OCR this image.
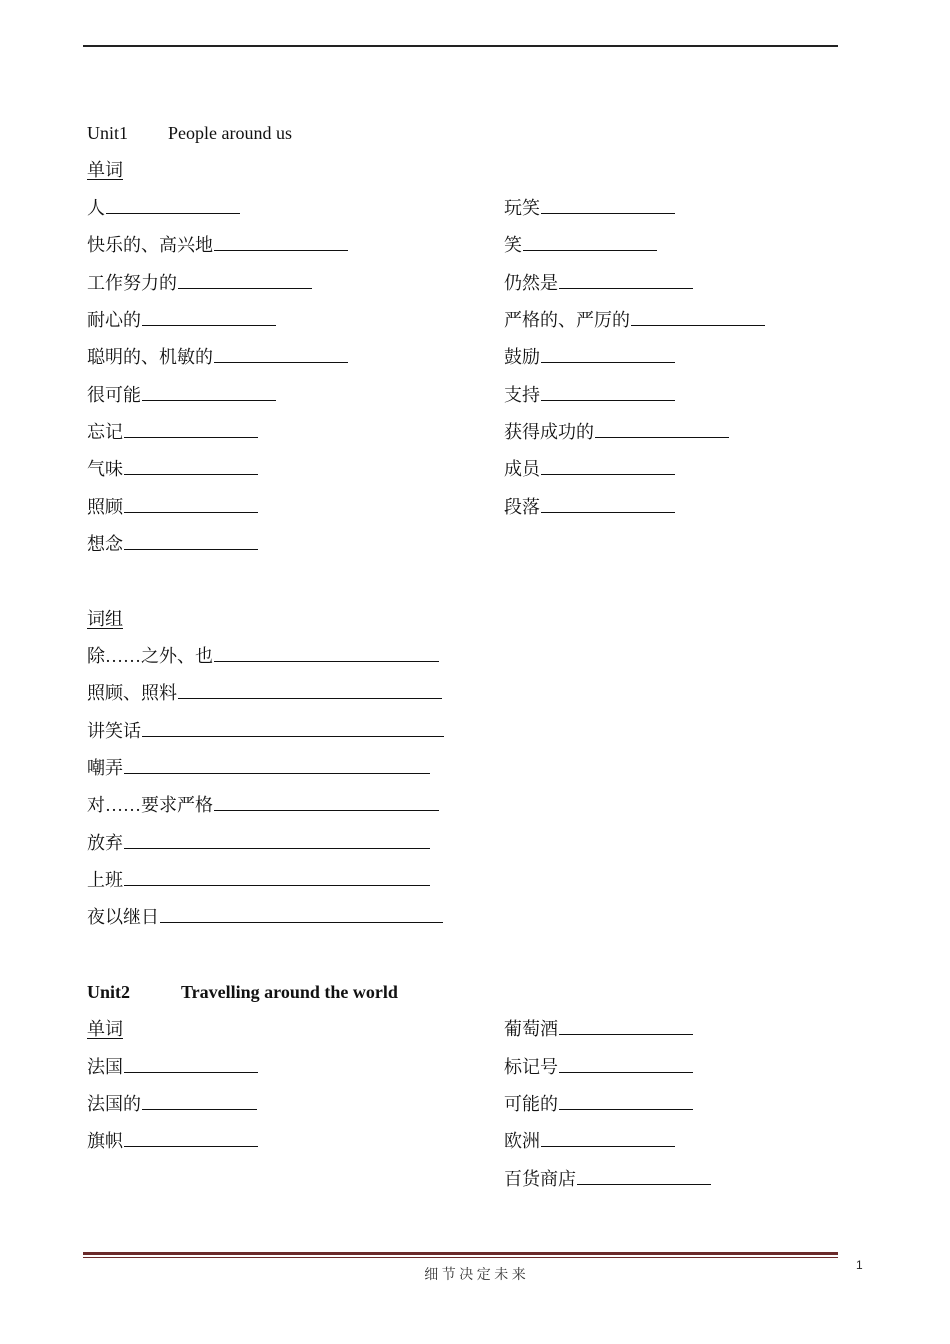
Unit1 People around us
单词
人
快乐的、高兴地
工作努力的
耐心的
聪明的、机敏的
很可能
忘记
气味
照顾
想念
玩笑
笑
仍然是
严格的、严厉的
鼓励
支持
获得成功的
成员
段落
词组
除……之外、也
照顾、照料
讲笑话
嘲弄
对……要求严格
放弃
上班
夜以继日
Unit2	Travelling around the world
单词
法国
法国的
旗帜
葡萄酒
标记号
可能的
欧洲
百货商店
细 节 决 定 未 来
1
